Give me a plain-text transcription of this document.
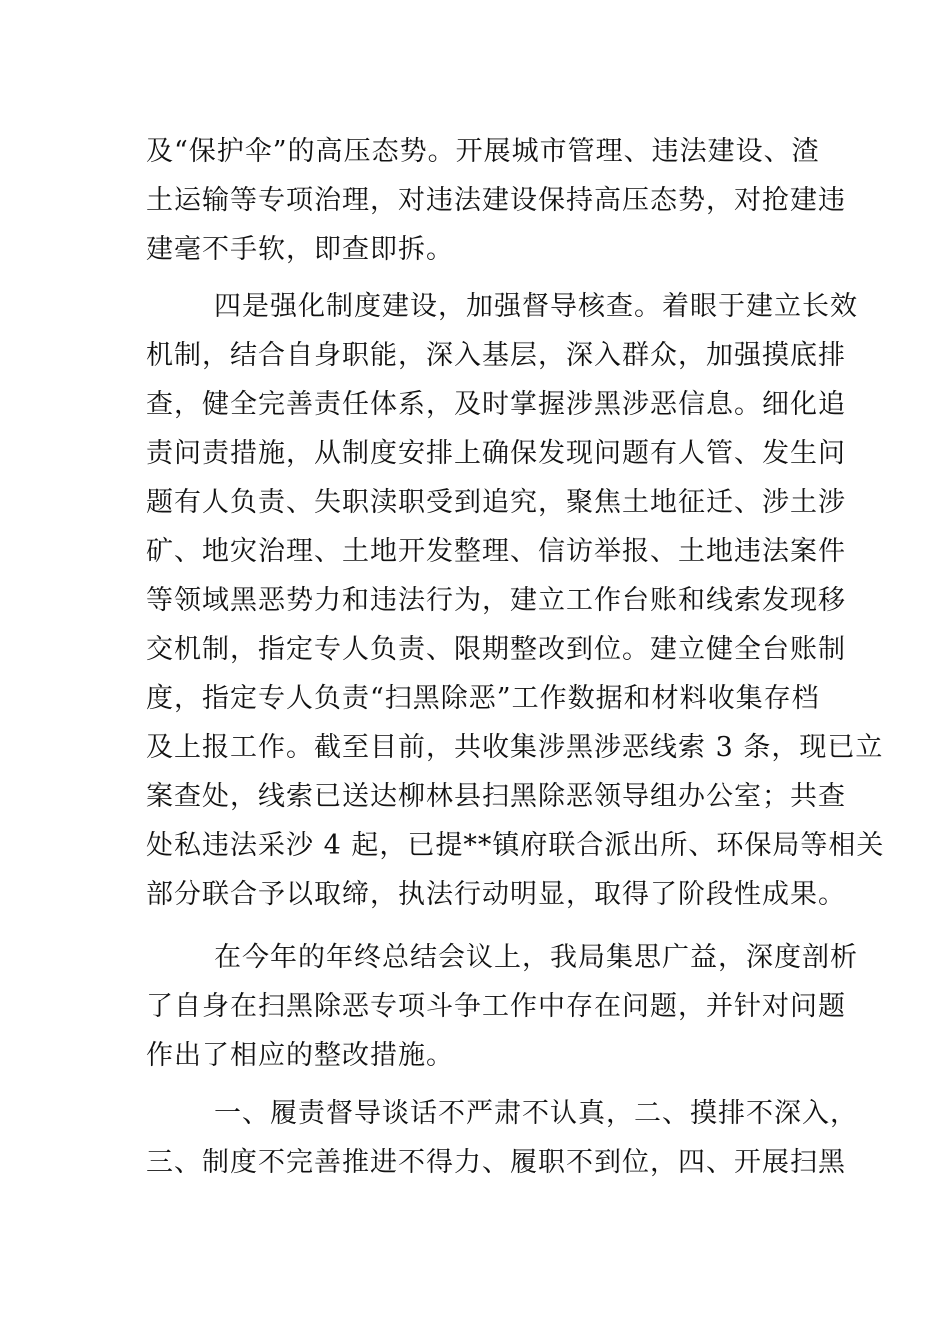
及“保护伞”的高压态势。开展城市管理、违法建设、渣
土运输等专项治理，对违法建设保持高压态势，对抢建违
建毫不手软，即查即拆。
四是强化制度建设，加强督导核查。着眼于建立长效
机制，结合自身职能，深入基层，深入群众，加强摸底排
查，健全完善责任体系，及时掌握涉黑涉恶信息。细化追
责问责措施，从制度安排上确保发现问题有人管、发生问
题有人负责、失职渎职受到追究，聚焦土地征迁、涉土涉
矿、地灾治理、土地开发整理、信访举报、土地违法案件
等领域黑恶势力和违法行为，建立工作台账和线索发现移
交机制，指定专人负责、限期整改到位。建立健全台账制
度，指定专人负责“扫黑除恶”工作数据和材料收集存档
及上报工作。截至目前，共收集涉黑涉恶线索 3 条，现已立
案查处，线索已送达柳林县扫黑除恶领导组办公室；共查
处私违法采沙 4 起，已提**镇府联合派出所、环保局等相关
部分联合予以取缔，执法行动明显，取得了阶段性成果。
在今年的年终总结会议上，我局集思广益，深度剖析
了自身在扫黑除恶专项斗争工作中存在问题，并针对问题
作出了相应的整改措施。
一、履责督导谈话不严肃不认真，二、摸排不深入，
三、制度不完善推进不得力、履职不到位，四、开展扫黑
